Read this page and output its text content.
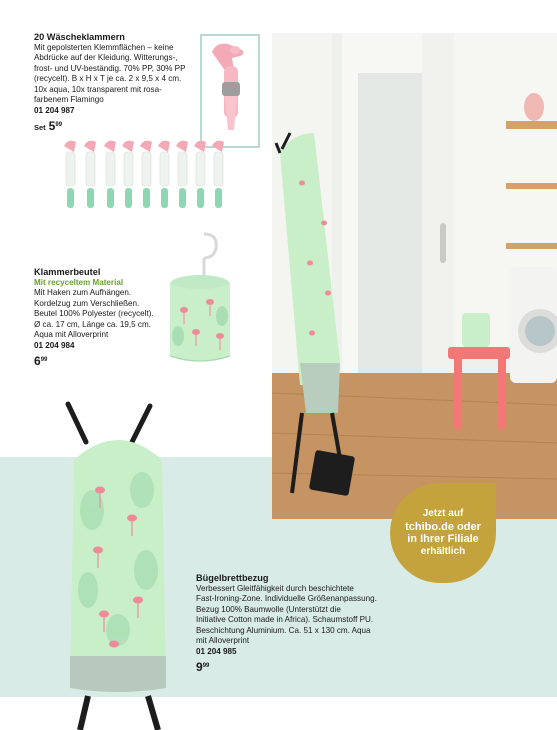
20 Wäscheklammern
Mit gepolsterten Klemmflächen – keine
Abdrücke auf der Kleidung. Witterungs-,
frost- und UV-beständig. 70% PP, 30% PP
(recycelt). B x H x T je ca. 2 x 9,5 x 4 cm.
10x aqua, 10x transparent mit rosa-
farbenem Flamingo
01 204 987
Set $5^{99}$
Klammerbeutel
Mit recyceltem Material
Mit Haken zum Aufhängen.
Kordelzug zum Verschließen.
Beutel 100% Polyester (recycelt).
Ø ca. 17 cm, Länge ca. 19,5 cm.
Aqua mit Alloverprint
01 204 984
$6^{99}$
Jetzt auf
tchibo.de oder
in Ihrer Filiale
erhältlich
Bügelbrettbezug
Verbessert Gleitfähigkeit durch beschichtete
Fast-Ironing-Zone. Individuelle Größenanpassung.
Bezug 100% Baumwolle (Unterstützt die
Initiative Cotton made in Africa). Schaumstoff PU.
Beschichtung Aluminium. Ca. 51 x 130 cm. Aqua
mit Alloverprint
01 204 985
$9^{99}$
